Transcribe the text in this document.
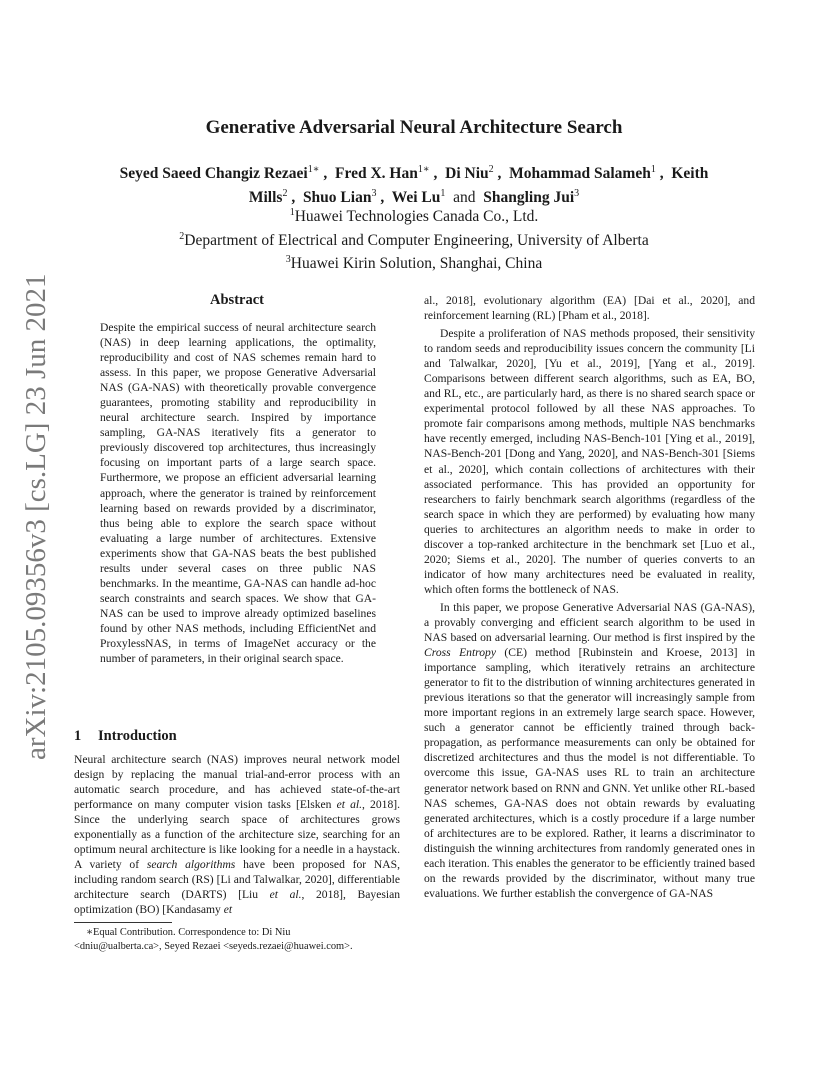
Generative Adversarial Neural Architecture Search
Seyed Saeed Changiz Rezaei$^{1∗}$ ,  Fred X. Han$^{1∗}$ ,  Di Niu$^2$ ,  Mohammad Salameh$^1$ ,  Keith Mills$^2$ ,  Shuo Lian$^3$ ,  Wei Lu$^1$ and Shangling Jui$^3$
$^1$Huawei Technologies Canada Co., Ltd.
$^2$Department of Electrical and Computer Engineering, University of Alberta
$^3$Huawei Kirin Solution, Shanghai, China
arXiv:2105.09356v3 [cs.LG] 23 Jun 2021	Abstract

Despite the empirical success of neural architecture search (NAS) in deep learning applications, the optimality, reproducibility and cost of NAS schemes remain hard to assess. In this paper, we propose Generative Adversarial NAS (GA-NAS) with theoretically provable convergence guarantees, promoting stability and reproducibility in neural architecture search. Inspired by importance sampling, GA-NAS iteratively fits a generator to previously discovered top architectures, thus increasingly focusing on important parts of a large search space. Furthermore, we propose an efficient adversarial learning approach, where the generator is trained by reinforcement learning based on rewards provided by a discriminator, thus being able to explore the search space without evaluating a large number of architectures. Extensive experiments show that GA-NAS beats the best published results under several cases on three public NAS benchmarks. In the meantime, GA-NAS can handle ad-hoc search constraints and search spaces. We show that GA-NAS can be used to improve already optimized baselines found by other NAS methods, including EfficientNet and ProxylessNAS, in terms of ImageNet accuracy or the number of parameters, in their original search space.

1 Introduction

Neural architecture search (NAS) improves neural network model design by replacing the manual trial-and-error process with an automatic search procedure, and has achieved state-of-the-art performance on many computer vision tasks [Elsken et al., 2018]. Since the underlying search space of architectures grows exponentially as a function of the architecture size, searching for an optimum neural architecture is like looking for a needle in a haystack. A variety of search algorithms have been proposed for NAS, including random search (RS) [Li and Talwalkar, 2020], differentiable architecture search (DARTS) [Liu et al., 2018], Bayesian optimization (BO) [Kandasamy et

∗Equal Contribution. Correspondence to: Di Niu

<dniu@ualberta.ca>, Seyed Rezaei <seyeds.rezaei@huawei.com>.

al., 2018], evolutionary algorithm (EA) [Dai et al., 2020], and reinforcement learning (RL) [Pham et al., 2018].

Despite a proliferation of NAS methods proposed, their sensitivity to random seeds and reproducibility issues concern the community [Li and Talwalkar, 2020], [Yu et al., 2019], [Yang et al., 2019]. Comparisons between different search algorithms, such as EA, BO, and RL, etc., are particularly hard, as there is no shared search space or experimental protocol followed by all these NAS approaches. To promote fair comparisons among methods, multiple NAS benchmarks have recently emerged, including NAS-Bench-101 [Ying et al., 2019], NAS-Bench-201 [Dong and Yang, 2020], and NAS-Bench-301 [Siems et al., 2020], which contain collections of architectures with their associated performance. This has provided an opportunity for researchers to fairly benchmark search algorithms (regardless of the search space in which they are performed) by evaluating how many queries to architectures an algorithm needs to make in order to discover a top-ranked architecture in the benchmark set [Luo et al., 2020; Siems et al., 2020]. The number of queries converts to an indicator of how many architectures need be evaluated in reality, which often forms the bottleneck of NAS.

In this paper, we propose Generative Adversarial NAS (GA-NAS), a provably converging and efficient search algorithm to be used in NAS based on adversarial learning. Our method is first inspired by the Cross Entropy (CE) method [Rubinstein and Kroese, 2013] in importance sampling, which iteratively retrains an architecture generator to fit to the distribution of winning architectures generated in previous iterations so that the generator will increasingly sample from more important regions in an extremely large search space. However, such a generator cannot be efficiently trained through back-propagation, as performance measurements can only be obtained for discretized architectures and thus the model is not differentiable. To overcome this issue, GA-NAS uses RL to train an architecture generator network based on RNN and GNN. Yet unlike other RL-based NAS schemes, GA-NAS does not obtain rewards by evaluating generated architectures, which is a costly procedure if a large number of architectures are to be explored. Rather, it learns a discriminator to distinguish the winning architectures from randomly generated ones in each iteration. This enables the generator to be efficiently trained based on the rewards provided by the discriminator, without many true evaluations. We further establish the convergence of GA-NAS
